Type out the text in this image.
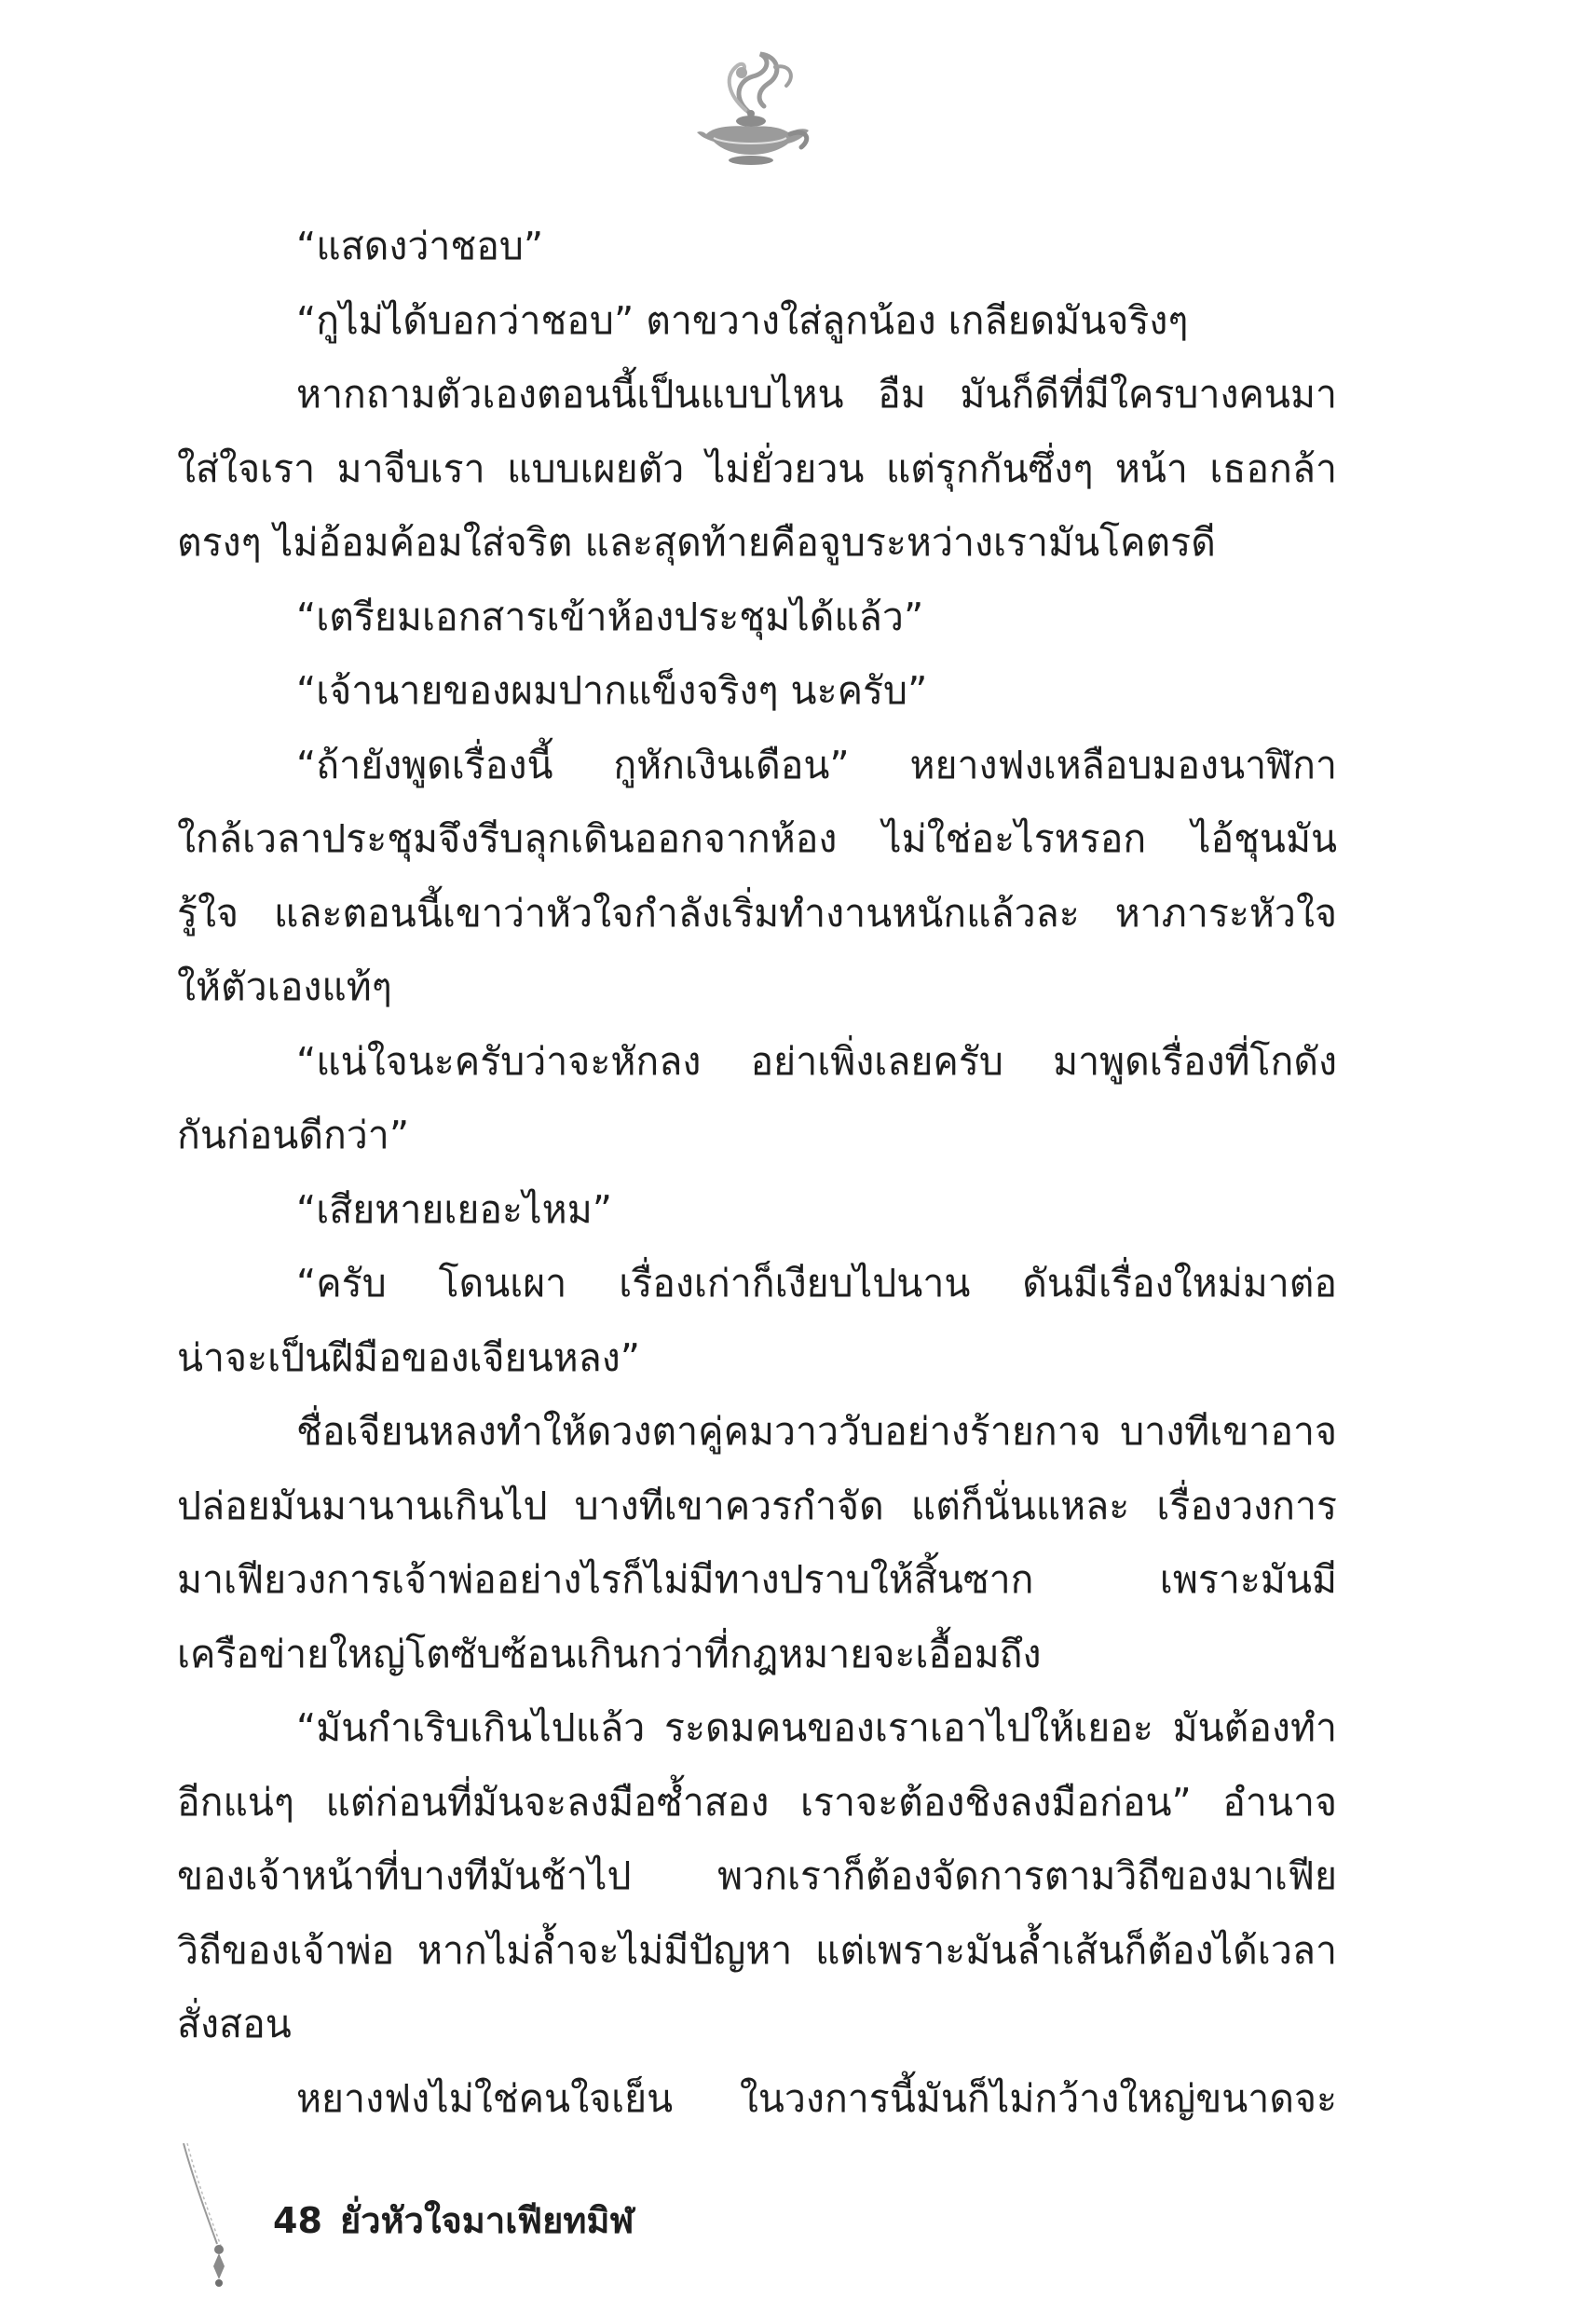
“แสดงว่าชอบ”
“กูไม่ได้บอกว่าชอบ” ตาขวางใส่ลูกน้อง เกลียดมันจริงๆ
หากถามตัวเองตอนนี้เป็นแบบไหน อืม มันก็ดีที่มีใครบางคนมา
ใส่ใจเรา มาจีบเรา แบบเผยตัว ไม่ยั่วยวน แต่รุกกันซึ่งๆ หน้า เธอกล้า
ตรงๆ ไม่อ้อมค้อมใส่จริต และสุดท้ายคือจูบระหว่างเรามันโคตรดี
“เตรียมเอกสารเข้าห้องประชุมได้แล้ว”
“เจ้านายของผมปากแข็งจริงๆ นะครับ”
“ถ้ายังพูดเรื่องนี้ กูหักเงินเดือน” หยางฟงเหลือบมองนาฬิกา
ใกล้เวลาประชุมจึงรีบลุกเดินออกจากห้อง ไม่ใช่อะไรหรอก ไอ้ชุนมัน
รู้ใจ และตอนนี้เขาว่าหัวใจกำลังเริ่มทำงานหนักแล้วละ หาภาระหัวใจ
ให้ตัวเองแท้ๆ
“แน่ใจนะครับว่าจะหักลง อย่าเพิ่งเลยครับ มาพูดเรื่องที่โกดัง
กันก่อนดีกว่า”
“เสียหายเยอะไหม”
“ครับ โดนเผา เรื่องเก่าก็เงียบไปนาน ดันมีเรื่องใหม่มาต่อ
น่าจะเป็นฝีมือของเจียนหลง”
ชื่อเจียนหลงทำให้ดวงตาคู่คมวาววับอย่างร้ายกาจ บางทีเขาอาจ
ปล่อยมันมานานเกินไป บางทีเขาควรกำจัด แต่ก็นั่นแหละ เรื่องวงการ
มาเฟียวงการเจ้าพ่ออย่างไรก็ไม่มีทางปราบให้สิ้นซาก เพราะมันมี
เครือข่ายใหญ่โตซับซ้อนเกินกว่าที่กฎหมายจะเอื้อมถึง
“มันกำเริบเกินไปแล้ว ระดมคนของเราเอาไปให้เยอะ มันต้องทำ
อีกแน่ๆ แต่ก่อนที่มันจะลงมือซ้ำสอง เราจะต้องชิงลงมือก่อน” อำนาจ
ของเจ้าหน้าที่บางทีมันช้าไป พวกเราก็ต้องจัดการตามวิถีของมาเฟีย
วิถีของเจ้าพ่อ หากไม่ล้ำจะไม่มีปัญหา แต่เพราะมันล้ำเส้นก็ต้องได้เวลา
สั่งสอน
หยางฟงไม่ใช่คนใจเย็น ในวงการนี้มันก็ไม่กว้างใหญ่ขนาดจะ
48 ยั่วหัวใจมาเฟียทมิฬ
